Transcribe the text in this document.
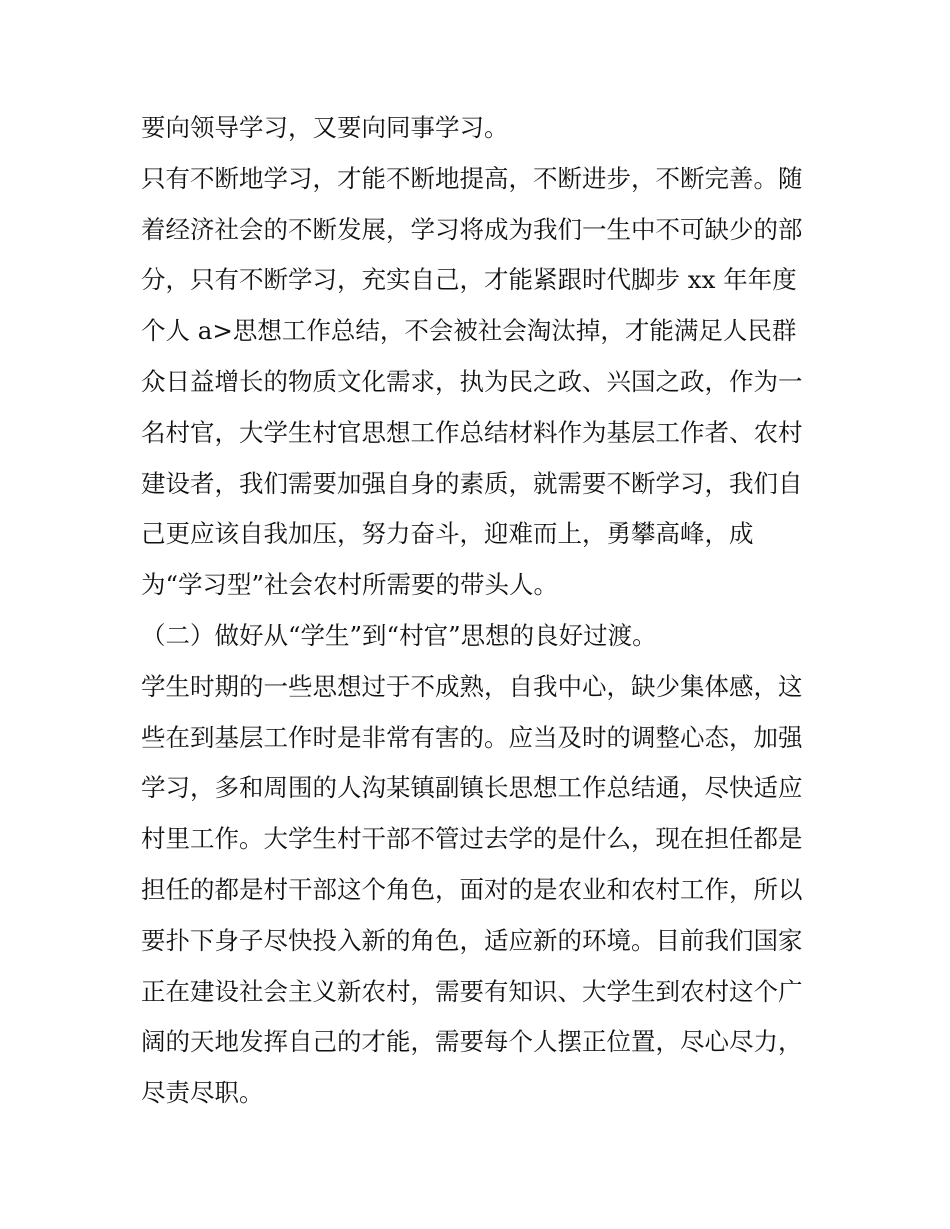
要向领导学习，又要向同事学习。
只有不断地学习，才能不断地提高，不断进步，不断完善。随
着经济社会的不断发展，学习将成为我们一生中不可缺少的部
分，只有不断学习，充实自己，才能紧跟时代脚步 xx 年年度
个人 a>思想工作总结，不会被社会淘汰掉，才能满足人民群
众日益增长的物质文化需求，执为民之政、兴国之政，作为一
名村官，大学生村官思想工作总结材料作为基层工作者、农村
建设者，我们需要加强自身的素质，就需要不断学习，我们自
己更应该自我加压，努力奋斗，迎难而上，勇攀高峰，成
为“学习型”社会农村所需要的带头人。
（二）做好从“学生”到“村官”思想的良好过渡。
学生时期的一些思想过于不成熟，自我中心，缺少集体感，这
些在到基层工作时是非常有害的。应当及时的调整心态，加强
学习，多和周围的人沟某镇副镇长思想工作总结通，尽快适应
村里工作。大学生村干部不管过去学的是什么，现在担任都是
担任的都是村干部这个角色，面对的是农业和农村工作，所以
要扑下身子尽快投入新的角色，适应新的环境。目前我们国家
正在建设社会主义新农村，需要有知识、大学生到农村这个广
阔的天地发挥自己的才能，需要每个人摆正位置，尽心尽力，
尽责尽职。
